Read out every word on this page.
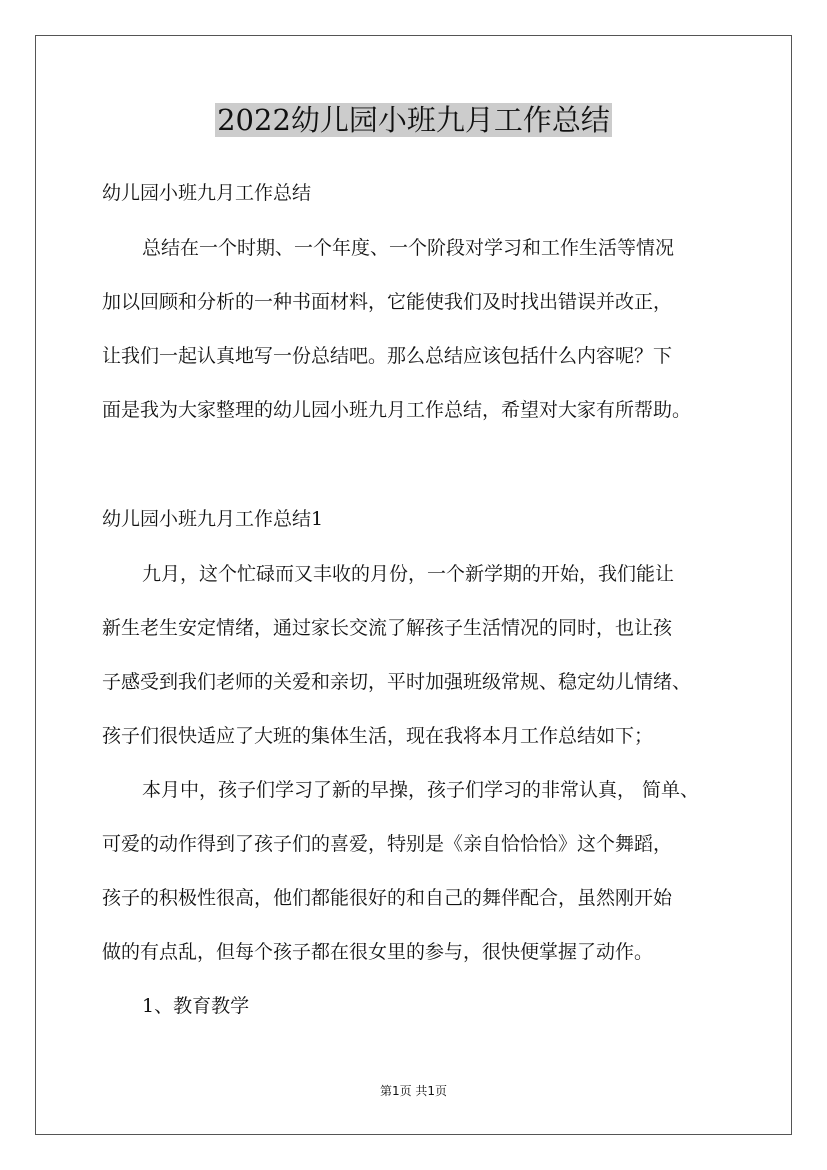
2022幼儿园小班九月工作总结

幼儿园小班九月工作总结

总结在一个时期、一个年度、一个阶段对学习和工作生活等情况

加以回顾和分析的一种书面材料，它能使我们及时找出错误并改正，

让我们一起认真地写一份总结吧。那么总结应该包括什么内容呢？下

面是我为大家整理的幼儿园小班九月工作总结，希望对大家有所帮助。

幼儿园小班九月工作总结1

九月，这个忙碌而又丰收的月份，一个新学期的开始，我们能让

新生老生安定情绪，通过家长交流了解孩子生活情况的同时，也让孩

子感受到我们老师的关爱和亲切，平时加强班级常规、稳定幼儿情绪、

孩子们很快适应了大班的集体生活，现在我将本月工作总结如下；

本月中，孩子们学习了新的早操，孩子们学习的非常认真， 简单、

可爱的动作得到了孩子们的喜爱，特别是《亲自恰恰恰》这个舞蹈，

孩子的积极性很高，他们都能很好的和自己的舞伴配合，虽然刚开始

做的有点乱，但每个孩子都在很女里的参与，很快便掌握了动作。

1、教育教学

第1页 共1页
